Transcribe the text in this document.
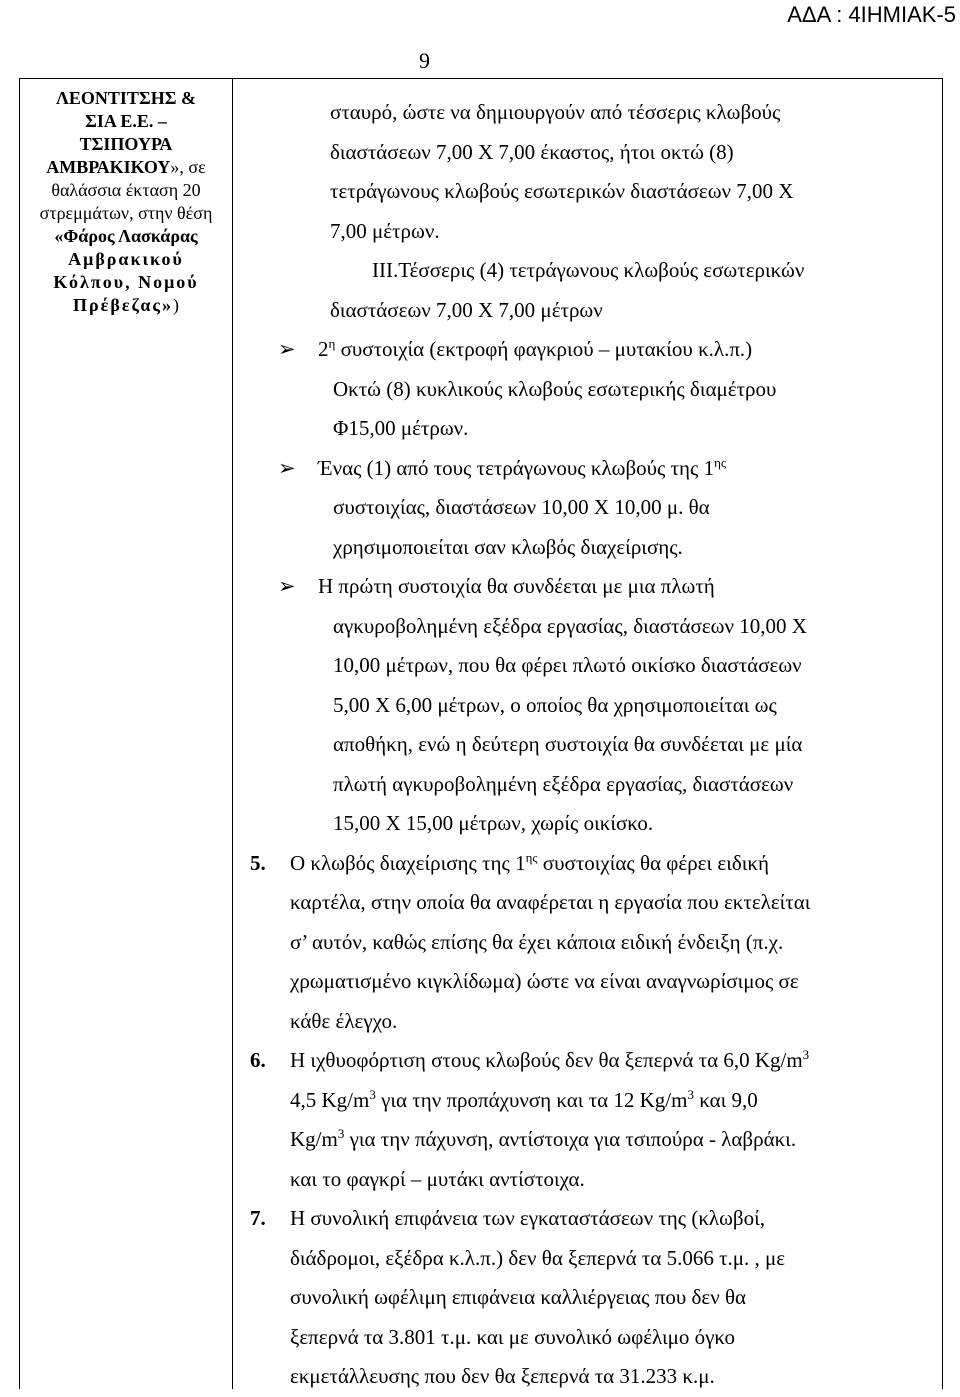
ΑΔΑ : 4ΙΗΜΙΑΚ-5
9
ΛΕΟΝΤΙΤΣΗΣ &
ΣΙΑ Ε.Ε. –
ΤΣΙΠΟΥΡΑ
ΑΜΒΡΑΚΙΚΟΥ», σε
θαλάσσια έκταση 20
στρεμμάτων, στην θέση
«Φάρος Λασκάρας
Αμβρακικού
Κόλπου, Νομού
Πρέβεζας»)
σταυρό, ώστε να δημιουργούν από τέσσερις κλωβούς
διαστάσεων 7,00 Χ 7,00 έκαστος, ήτοι οκτώ (8)
τετράγωνους κλωβούς εσωτερικών διαστάσεων 7,00 Χ
7,00 μέτρων.
ΙΙΙ.Τέσσερις (4) τετράγωνους κλωβούς εσωτερικών
διαστάσεων 7,00 Χ 7,00 μέτρων
➢ $2^\eta$ συστοιχία (εκτροφή φαγκριού – μυτακίου κ.λ.π.)
Οκτώ (8) κυκλικούς κλωβούς εσωτερικής διαμέτρου
Φ15,00 μέτρων.
➢ Ένας (1) από τους τετράγωνους κλωβούς της $1^{\eta\varsigma}$
συστοιχίας, διαστάσεων 10,00 Χ 10,00 μ. θα
χρησιμοποιείται σαν κλωβός διαχείρισης.
➢ Η πρώτη συστοιχία θα συνδέεται με μια πλωτή
αγκυροβολημένη εξέδρα εργασίας, διαστάσεων 10,00 Χ
10,00 μέτρων, που θα φέρει πλωτό οικίσκο διαστάσεων
5,00 Χ 6,00 μέτρων, ο οποίος θα χρησιμοποιείται ως
αποθήκη, ενώ η δεύτερη συστοιχία θα συνδέεται με μία
πλωτή αγκυροβολημένη εξέδρα εργασίας, διαστάσεων
15,00 Χ 15,00 μέτρων, χωρίς οικίσκο.
5. Ο κλωβός διαχείρισης της $1^{\eta\varsigma}$ συστοιχίας θα φέρει ειδική
καρτέλα, στην οποία θα αναφέρεται η εργασία που εκτελείται
σ’ αυτόν, καθώς επίσης θα έχει κάποια ειδική ένδειξη (π.χ.
χρωματισμένο κιγκλίδωμα) ώστε να είναι αναγνωρίσιμος σε
κάθε έλεγχο.
6. Η ιχθυοφόρτιση στους κλωβούς δεν θα ξεπερνά τα 6,0 $Kg/m^3$
4,5 $Kg/m^3$ για την προπάχυνση και τα 12 $Kg/m^3$ και 9,0
$Kg/m^3$ για την πάχυνση, αντίστοιχα για τσιπούρα - λαβράκι.
και το φαγκρί – μυτάκι αντίστοιχα.
7. Η συνολική επιφάνεια των εγκαταστάσεων της (κλωβοί,
διάδρομοι, εξέδρα κ.λ.π.) δεν θα ξεπερνά τα 5.066 τ.μ. , με
συνολική ωφέλιμη επιφάνεια καλλιέργειας που δεν θα
ξεπερνά τα 3.801 τ.μ. και με συνολικό ωφέλιμο όγκο
εκμετάλλευσης που δεν θα ξεπερνά τα 31.233 κ.μ.
